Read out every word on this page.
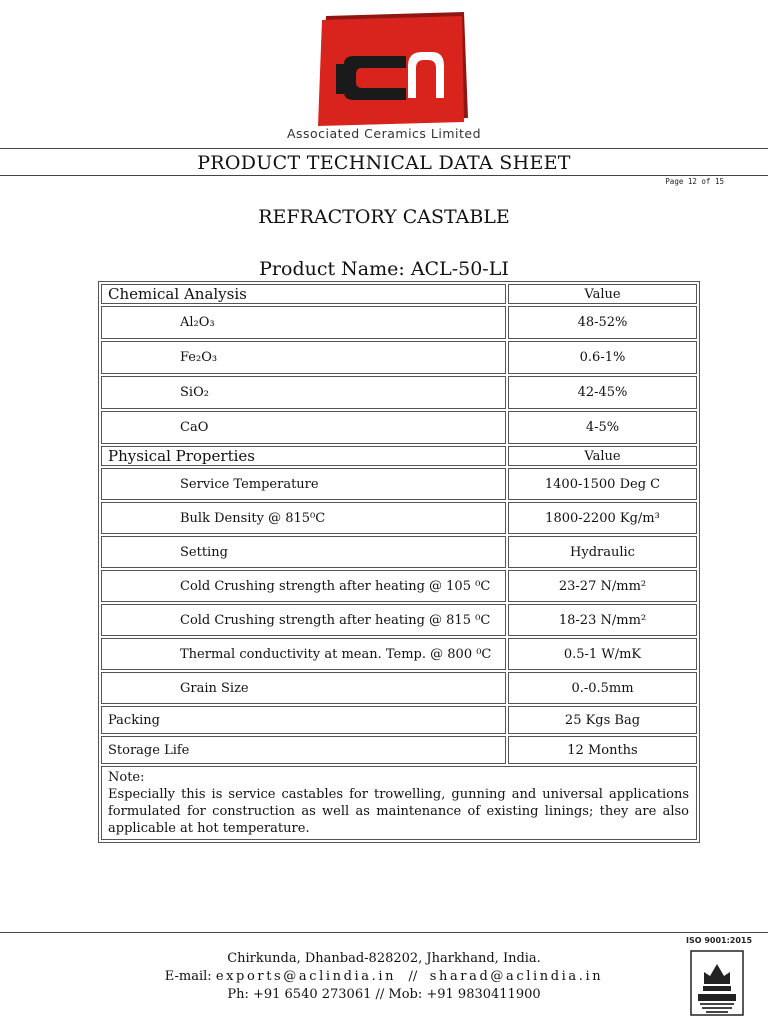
Associated Ceramics Limited
PRODUCT TECHNICAL DATA SHEET
Page 12 of 15
REFRACTORY CASTABLE
Product Name: ACL-50-LI
Chemical Analysis	Value
Al₂O₃	48-52%
Fe₂O₃	0.6-1%
SiO₂	42-45%
CaO	4-5%
Physical Properties	Value
Service Temperature	1400-1500 Deg C
Bulk Density @ 815⁰C	1800-2200 Kg/m³
Setting	Hydraulic
Cold Crushing strength after heating @ 105 ⁰C	23-27 N/mm²
Cold Crushing strength after heating @ 815 ⁰C	18-23 N/mm²
Thermal conductivity at mean. Temp. @ 800 ⁰C	0.5-1 W/mK
Grain Size	0.-0.5mm
Packing	25 Kgs Bag
Storage Life	12 Months

Note:
Especially this is service castables for trowelling, gunning and universal applications formulated for construction as well as maintenance of existing linings; they are also applicable at hot temperature.	
ISO 9001:2015
Chirkunda, Dhanbad-828202, Jharkhand, India.
E-mail: exports@aclindia.in // sharad@aclindia.in
Ph: +91 6540 273061 // Mob: +91 9830411900
